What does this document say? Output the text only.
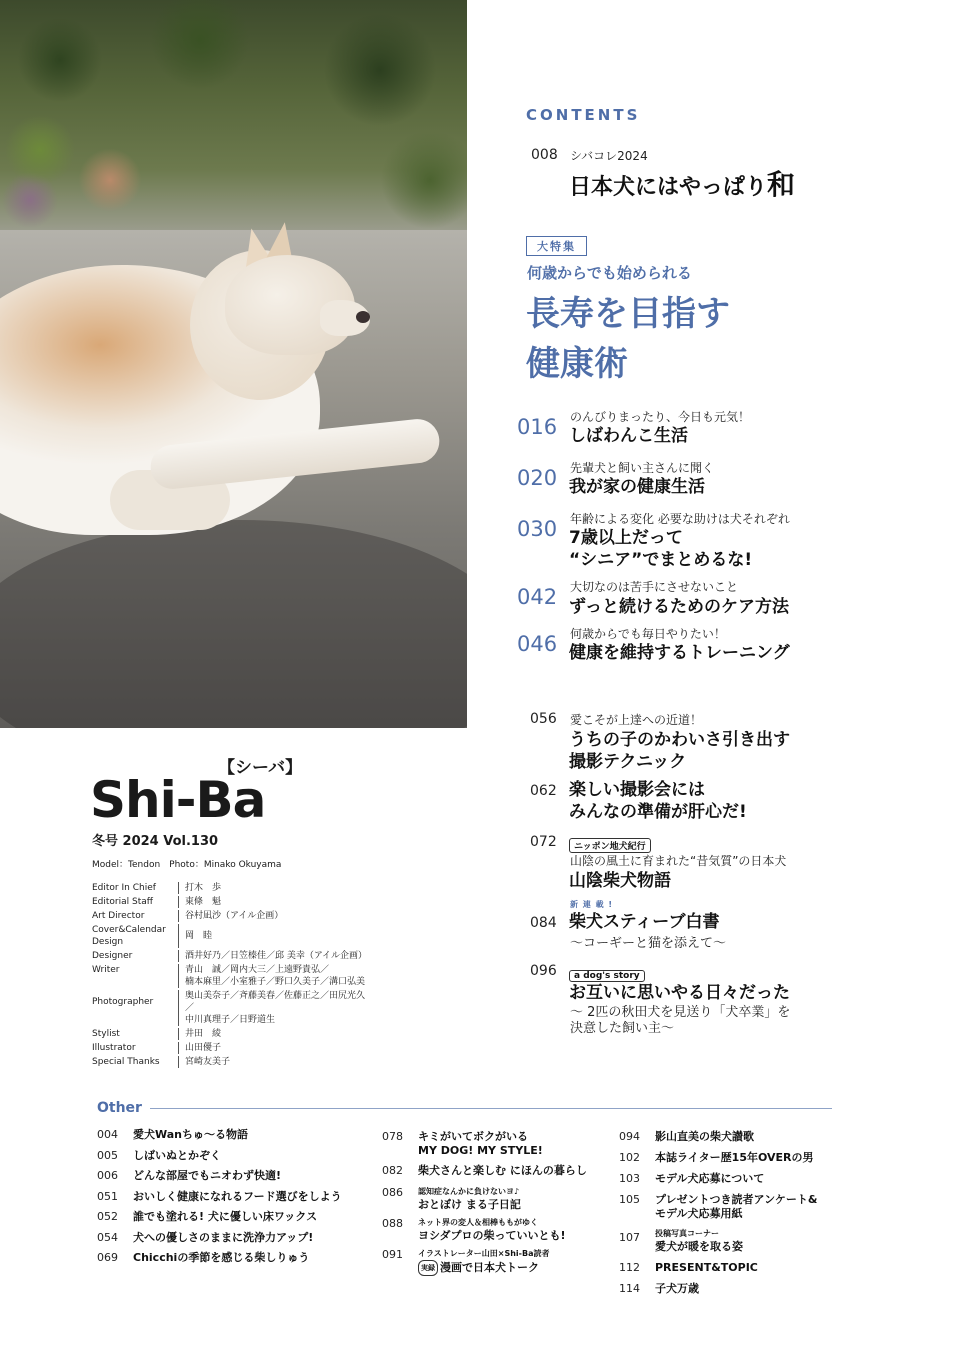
CONTENTS
008 シバコレ2024
日本犬にはやっぱり和
大特集
何歳からでも始められる
長寿を目指す
健康術
016 のんびりまったり、今日も元気！
しばわんこ生活
020 先輩犬と飼い主さんに聞く
我が家の健康生活
030 年齢による変化 必要な助けは犬それぞれ
7歳以上だって
“シニア”でまとめるな!
042 大切なのは苦手にさせないこと
ずっと続けるためのケア方法
046 何歳からでも毎日やりたい！
健康を維持するトレーニング
056 愛こそが上達への近道！
うちの子のかわいさ引き出す
撮影テクニック
062 楽しい撮影会には
みんなの準備が肝心だ!
072	ニッポン地犬紀行
山陰の風土に育まれた“昔気質”の日本犬
山陰柴犬物語
新 連 載 !
084 柴犬スティーブ白書
〜コーギーと猫を添えて〜
096	a dog's story
お互いに思いやる日々だった
〜 2匹の秋田犬を見送り「犬卒業」を
決意した飼い主〜
【シーバ】
Shi-Ba
冬号 2024 Vol.130
Model：Tendon　Photo：Minako Okuyama
Editor In Chief	打木　歩
Editorial Staff	東條　魁
Art Director	谷村凪沙（アイル企画）
Cover&Calendar Design
岡　睦
Designer	酒井好乃／日笠榛佳／邱 美幸（アイル企画）
Writer	青山　誠／岡内大三／上遠野貴弘／
楠本麻里／小室雅子／野口久美子／溝口弘美
Photographer
奥山美奈子／斉藤美春／佐藤正之／田尻光久／
中川真理子／日野道生
Stylist	井田　綾
Illustrator	山田優子
Special Thanks	宮崎友美子
Other
004	愛犬Wanちゅ〜る物語
005	しばいぬとかぞく
006	どんな部屋でもニオわず快適!
051	おいしく健康になれるフード選びをしよう
052	誰でも塗れる! 犬に優しい床ワックス
054	犬への優しさのままに洗浄力アップ!
069	Chicchiの季節を感じる柴しりゅう
078	キミがいてボクがいる
MY DOG! MY STYLE!
082	柴犬さんと楽しむ にほんの暮らし
086	認知症なんかに負けないヨ♪
おとぼけ まる子日記
088	ネット界の変人＆相棒ももがゆく
ヨシダプロの柴っていいとも!
091	イラストレーター山田×Shi-Ba読者
実録 漫画で日本犬トーク
094	影山直美の柴犬讃歌
102	本誌ライター歴15年OVERの男
103	モデル犬応募について
105	プレゼントつき読者アンケート&
モデル犬応募用紙
107	投稿写真コーナー
愛犬が暖を取る姿
112	PRESENT&TOPIC
114	子犬万歳
